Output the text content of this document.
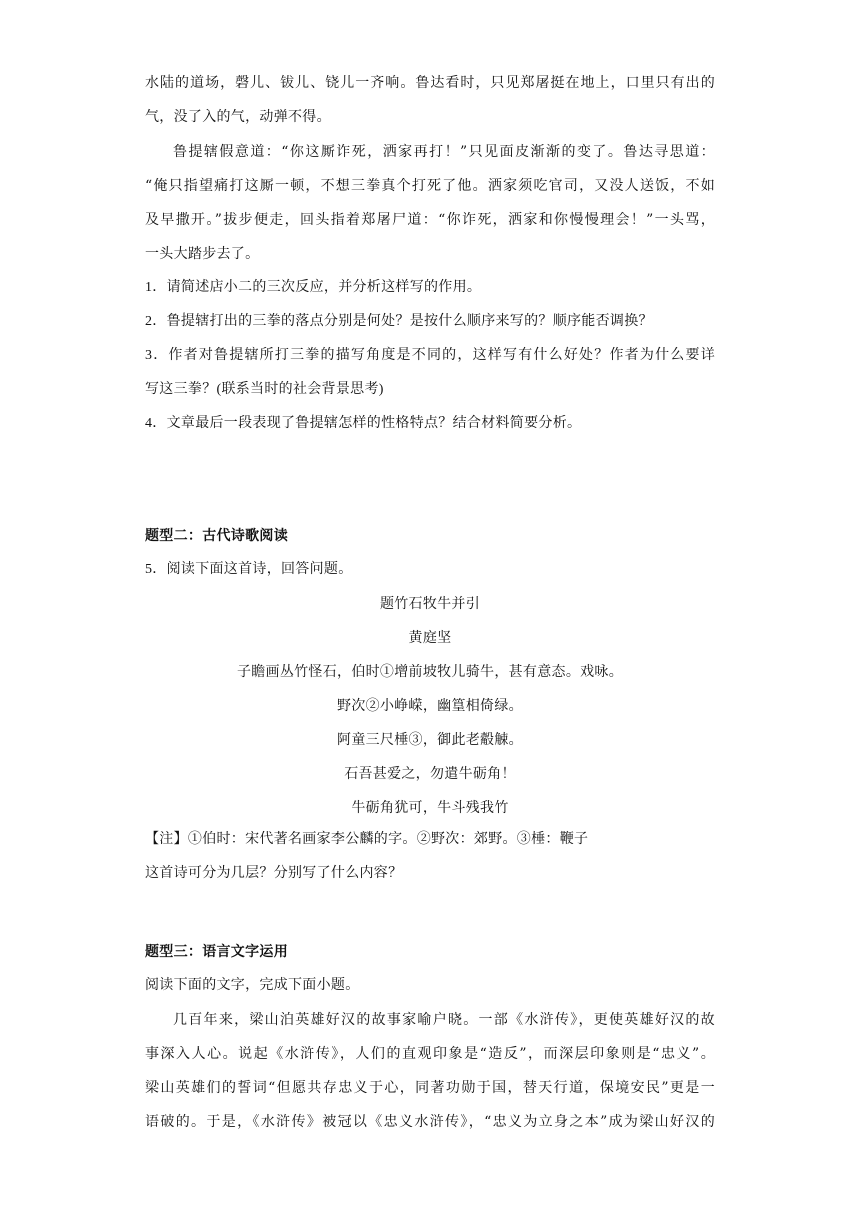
水陆的道场，磬儿、钹儿、铙儿一齐响。鲁达看时，只见郑屠挺在地上，口里只有出的
气，没了入的气，动弹不得。
鲁提辖假意道：“你这厮诈死，洒家再打！”只见面皮渐渐的变了。鲁达寻思道：
“俺只指望痛打这厮一顿，不想三拳真个打死了他。洒家须吃官司，又没人送饭，不如
及早撒开。”拔步便走，回头指着郑屠尸道：“你诈死，洒家和你慢慢理会！”一头骂，
一头大踏步去了。
1．请简述店小二的三次反应，并分析这样写的作用。
2．鲁提辖打出的三拳的落点分别是何处？是按什么顺序来写的？顺序能否调换？
3．作者对鲁提辖所打三拳的描写角度是不同的，这样写有什么好处？作者为什么要详
写这三拳？(联系当时的社会背景思考)
4．文章最后一段表现了鲁提辖怎样的性格特点？结合材料简要分析。
题型二：古代诗歌阅读
5．阅读下面这首诗，回答问题。
题竹石牧牛并引
黄庭坚
子瞻画丛竹怪石，伯时①增前坡牧儿骑牛，甚有意态。戏咏。
野次②小峥嵘，幽篁相倚绿。
阿童三尺棰③，御此老觳觫。
石吾甚爱之，勿遣牛砺角！
牛砺角犹可，牛斗残我竹
【注】①伯时：宋代著名画家李公麟的字。②野次：郊野。③棰：鞭子
这首诗可分为几层？分别写了什么内容？
题型三：语言文字运用
阅读下面的文字，完成下面小题。
几百年来，梁山泊英雄好汉的故事家喻户晓。一部《水浒传》，更使英雄好汉的故
事深入人心。说起《水浒传》，人们的直观印象是“造反”，而深层印象则是“忠义”。
梁山英雄们的誓词“但愿共存忠义于心，同著功勋于国，替天行道，保境安民”更是一
语破的。于是，《水浒传》被冠以《忠义水浒传》，“忠义为立身之本”成为梁山好汉的
